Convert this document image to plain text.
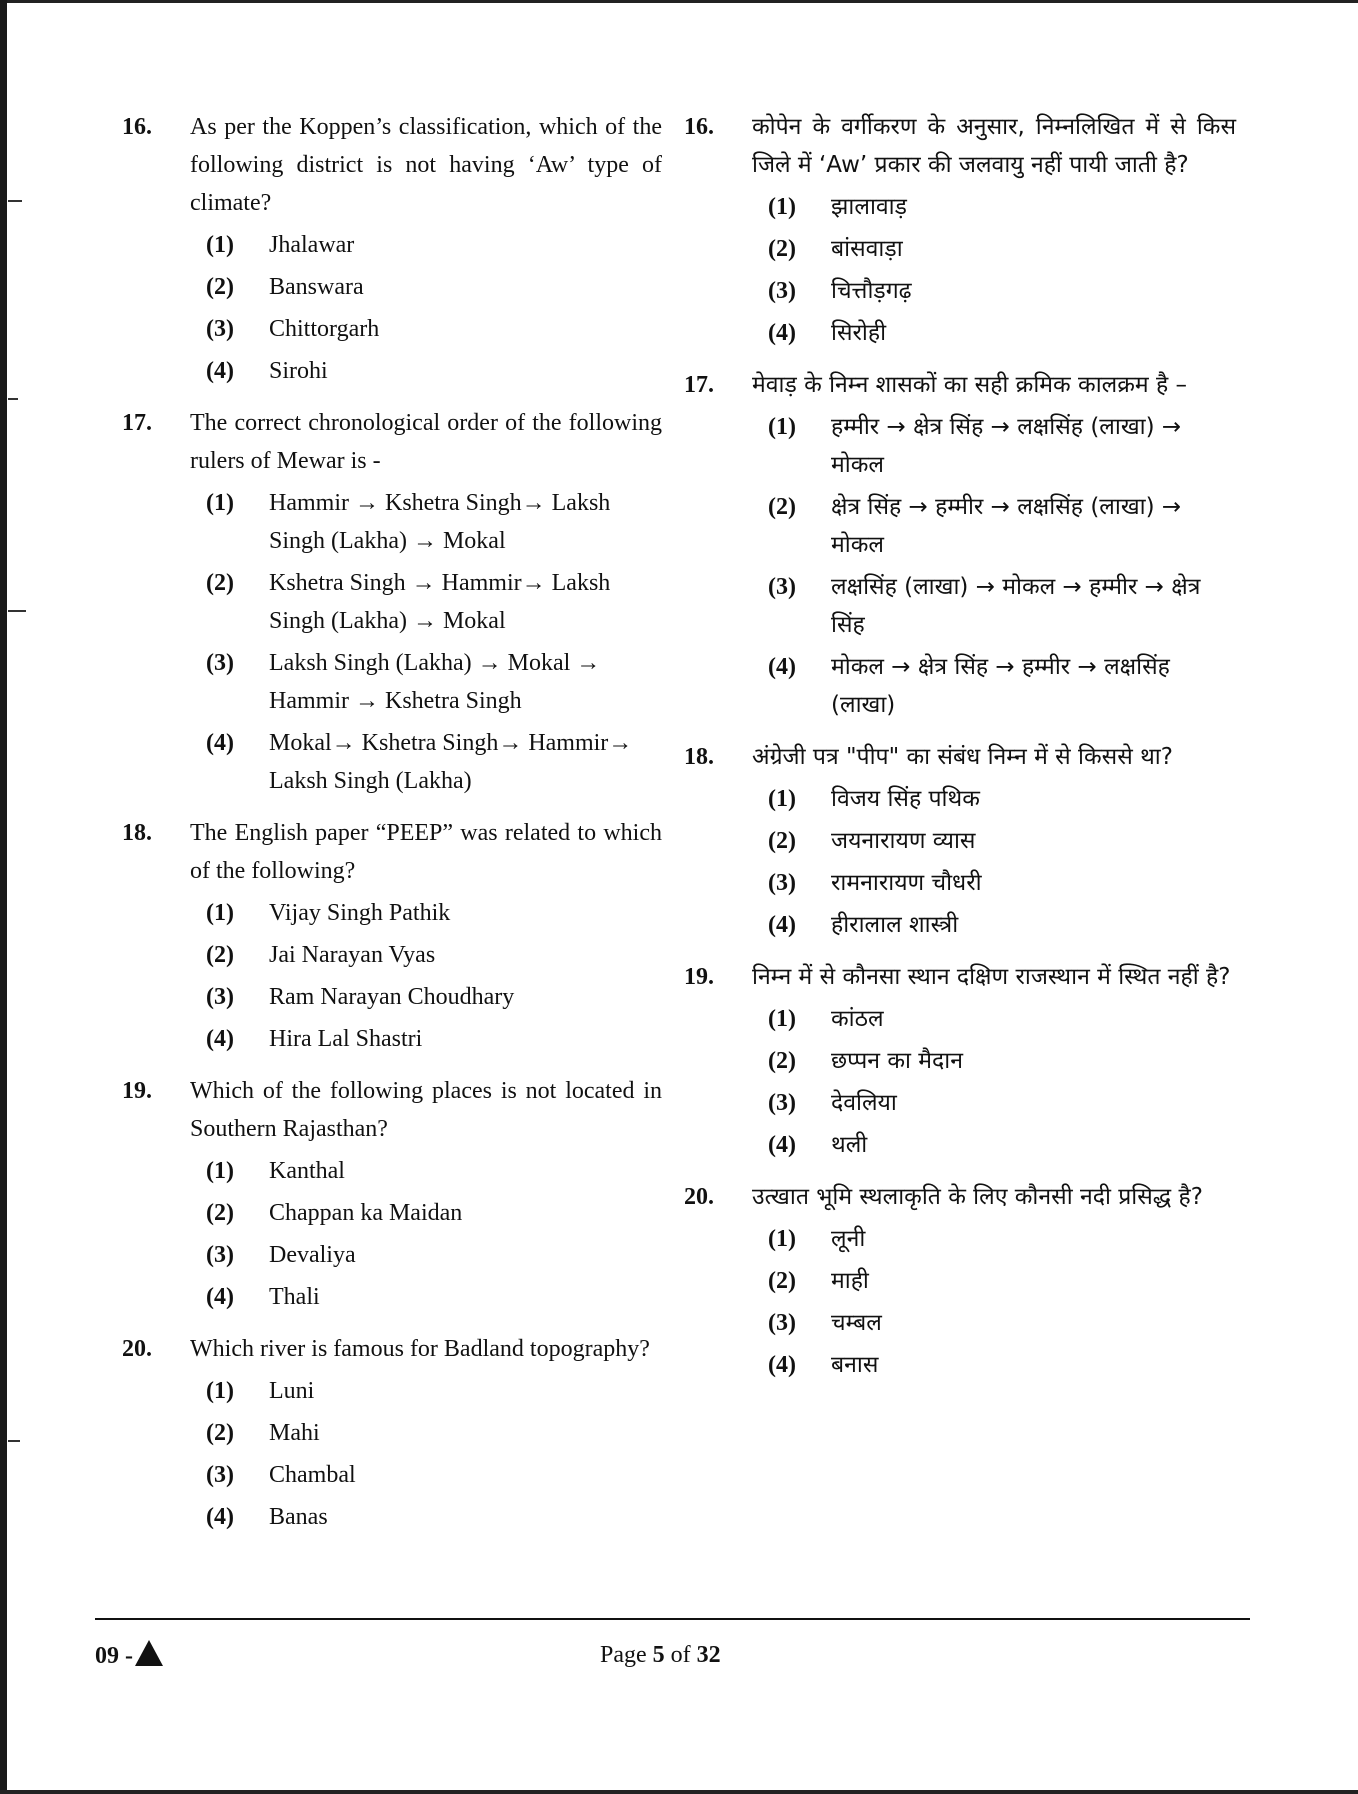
16. As per the Koppen’s classification, which of the following district is not having ‘Aw’ type of climate?
(1) Jhalawar
(2) Banswara
(3) Chittorgarh
(4) Sirohi
17. The correct chronological order of the following rulers of Mewar is -
(1) Hammir → Kshetra Singh→ Laksh Singh (Lakha) → Mokal
(2) Kshetra Singh → Hammir→ Laksh Singh (Lakha) → Mokal
(3) Laksh Singh (Lakha) → Mokal → Hammir → Kshetra Singh
(4) Mokal→ Kshetra Singh→ Hammir→ Laksh Singh (Lakha)
18. The English paper “PEEP” was related to which of the following?
(1) Vijay Singh Pathik
(2) Jai Narayan Vyas
(3) Ram Narayan Choudhary
(4) Hira Lal Shastri
19. Which of the following places is not located in Southern Rajasthan?
(1) Kanthal
(2) Chappan ka Maidan
(3) Devaliya
(4) Thali
20. Which river is famous for Badland topography?
(1) Luni
(2) Mahi
(3) Chambal
(4) Banas
16. कोपेन के वर्गीकरण के अनुसार, निम्नलिखित में से किस जिले में ‘Aw’ प्रकार की जलवायु नहीं पायी जाती है?
(1) झालावाड़
(2) बांसवाड़ा
(3) चित्तौड़गढ़
(4) सिरोही
17. मेवाड़ के निम्न शासकों का सही क्रमिक कालक्रम है –
(1) हम्मीर → क्षेत्र सिंह → लक्षसिंह (लाखा) → मोकल
(2) क्षेत्र सिंह → हम्मीर → लक्षसिंह (लाखा) → मोकल
(3) लक्षसिंह (लाखा) → मोकल → हम्मीर → क्षेत्र सिंह
(4) मोकल → क्षेत्र सिंह → हम्मीर → लक्षसिंह (लाखा)
18. अंग्रेजी पत्र "पीप" का संबंध निम्न में से किससे था?
(1) विजय सिंह पथिक
(2) जयनारायण व्यास
(3) रामनारायण चौधरी
(4) हीरालाल शास्त्री
19. निम्न में से कौनसा स्थान दक्षिण राजस्थान में स्थित नहीं है?
(1) कांठल
(2) छप्पन का मैदान
(3) देवलिया
(4) थली
20. उत्खात भूमि स्थलाकृति के लिए कौनसी नदी प्रसिद्ध है?
(1) लूनी
(2) माही
(3) चम्बल
(4) बनास
09 -	Page 5 of 32
